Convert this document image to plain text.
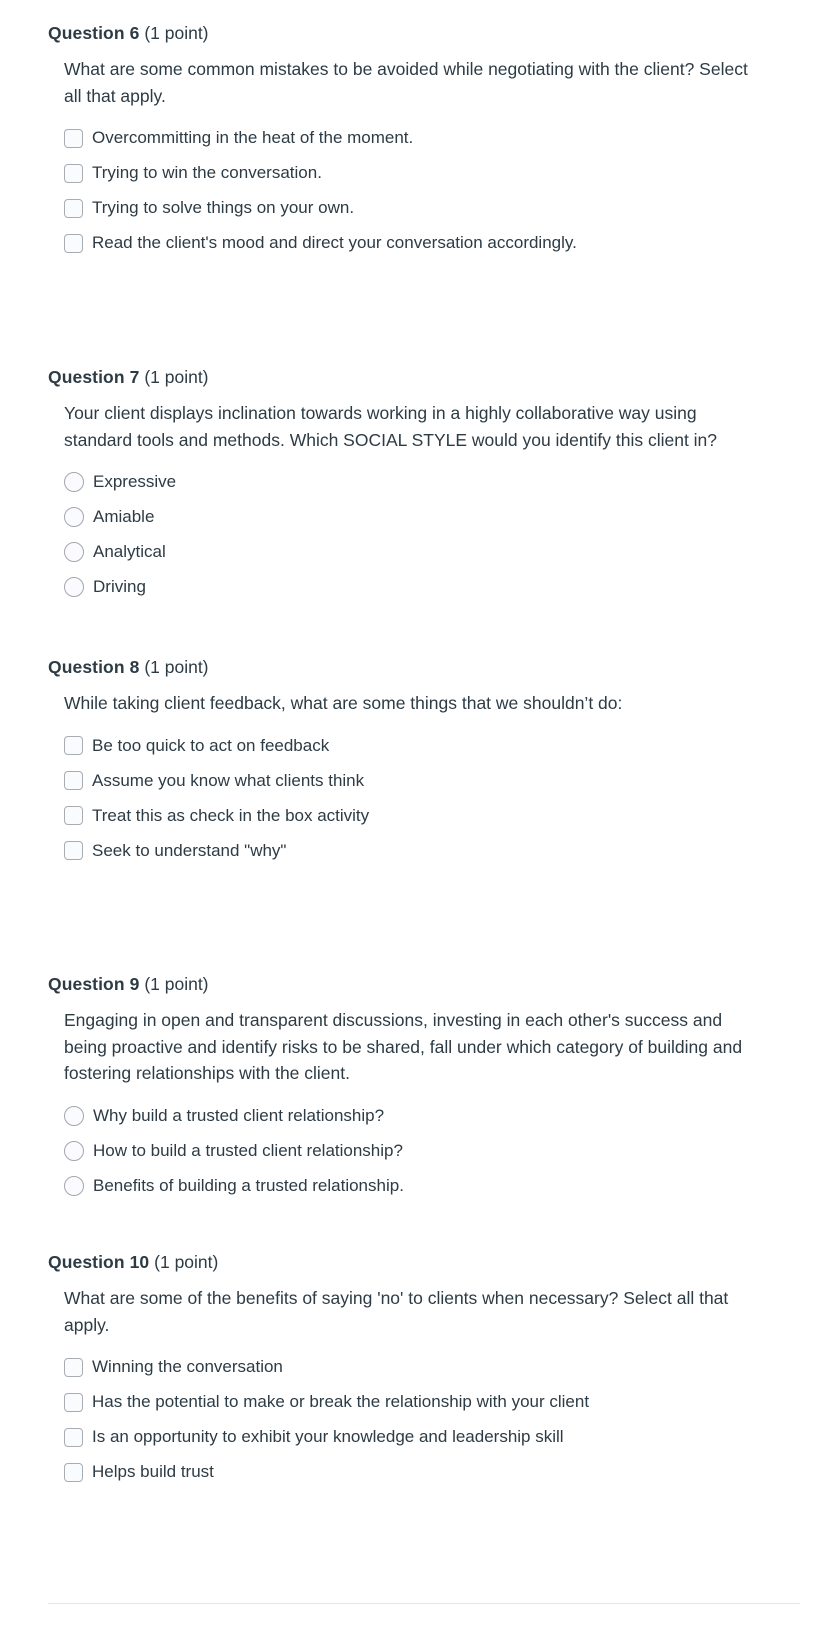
Question 6 (1 point)
What are some common mistakes to be avoided while negotiating with the client? Select all that apply.
Overcommitting in the heat of the moment.
Trying to win the conversation.
Trying to solve things on your own.
Read the client's mood and direct your conversation accordingly.
Question 7 (1 point)
Your client displays inclination towards working in a highly collaborative way using standard tools and methods. Which SOCIAL STYLE would you identify this client in?
Expressive
Amiable
Analytical
Driving
Question 8 (1 point)
While taking client feedback, what are some things that we shouldn’t do:
Be too quick to act on feedback
Assume you know what clients think
Treat this as check in the box activity
Seek to understand "why"
Question 9 (1 point)
Engaging in open and transparent discussions, investing in each other's success and being proactive and identify risks to be shared, fall under which category of building and fostering relationships with the client.
Why build a trusted client relationship?
How to build a trusted client relationship?
Benefits of building a trusted relationship.
Question 10 (1 point)
What are some of the benefits of saying 'no' to clients when necessary? Select all that apply.
Winning the conversation
Has the potential to make or break the relationship with your client
Is an opportunity to exhibit your knowledge and leadership skill
Helps build trust
